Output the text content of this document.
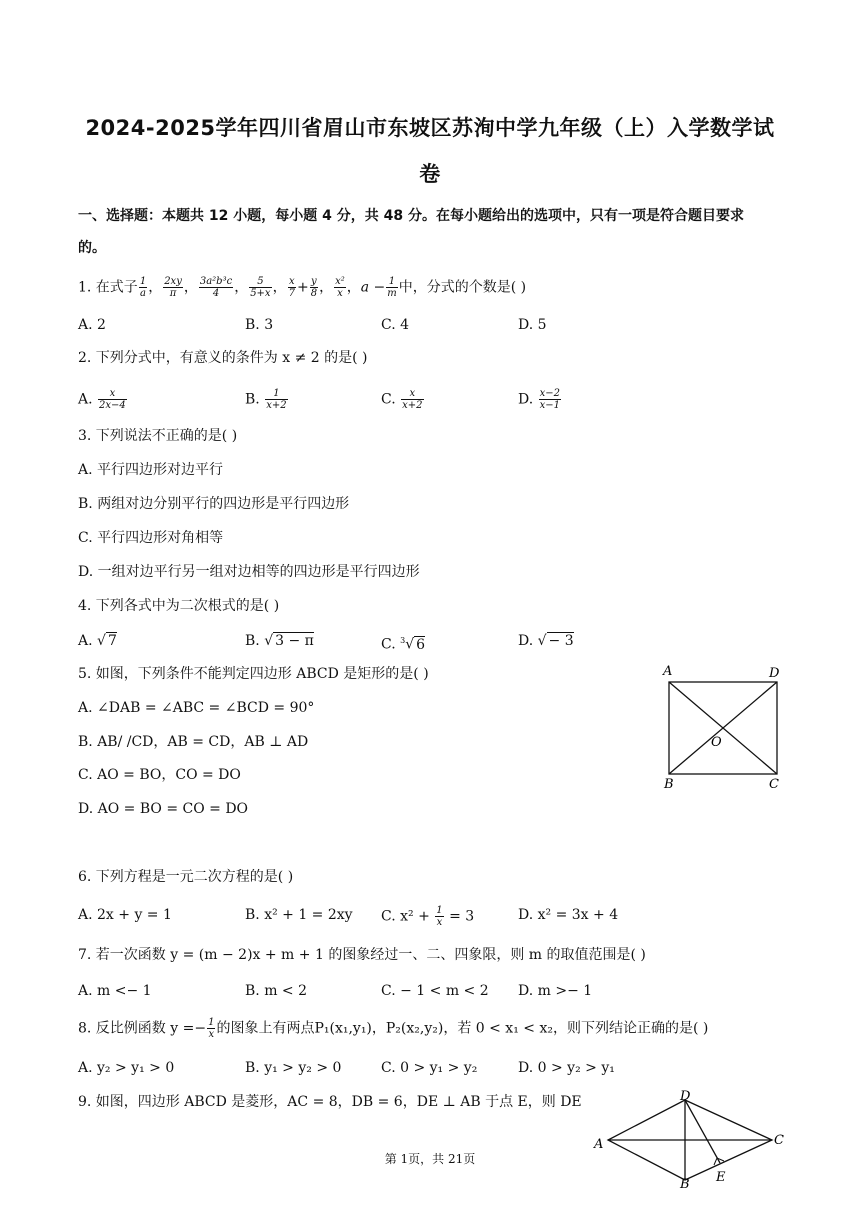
2024-2025学年四川省眉山市东坡区苏洵中学九年级（上）入学数学试
卷
一、选择题：本题共 12 小题，每小题 4 分，共 48 分。在每小题给出的选项中，只有一项是符合题目要求
的。
1. 在式子 $\frac{1}{a}$ ， $\frac{2xy}{\pi}$ ， $\frac{\text{3a²b³c}}{4}$ ， $\frac{5}{5+x}$ ， $\frac{x}{7} + \frac{y}{8}$ ， $\frac{\text{x²}}{x}$ ，$a - \frac{1}{m}$ 中，分式的个数是( )
A. 2	B. 3	C. 4	D. 5
2. 下列分式中，有意义的条件为 x ≠ 2 的是( )
A. $\frac{x}{2x-4}$	B. $\frac{1}{x+2}$	C. $\frac{x}{x+2}$	D. $\frac{x-2}{x-1}$
3. 下列说法不正确的是( )
A. 平行四边形对边平行
B. 两组对边分别平行的四边形是平行四边形
C. 平行四边形对角相等
D. 一组对边平行另一组对边相等的四边形是平行四边形
4. 下列各式中为二次根式的是( )
A. √ 7	B. √ 3 − π	C. $^3$√ 6	D. √ − 3
5. 如图，下列条件不能判定四边形 ABCD 是矩形的是( )
A. ∠DAB = ∠ABC = ∠BCD = 90°
B. AB/ /CD，AB = CD，AB ⊥ AD
C. AO = BO，CO = DO
D. AO = BO = CO = DO
A	D
O
B	C
6. 下列方程是一元二次方程的是( )
A. 2x + y = 1	B. x² + 1 = 2xy C. $x^2 + \frac{1}{x} = 3$	D. x² = 3x + 4
7. 若一次函数 y = (m − 2)x + m + 1 的图象经过一、二、四象限，则 m 的取值范围是( )
A. m <− 1	B. m < 2	C. − 1 < m < 2 D. m >− 1
8. 反比例函数 $y =- \frac{1}{x}$ 的图象上有两点P₁(x₁,y₁)，P₂(x₂,y₂)，若 0 < x₁ < x₂，则下列结论正确的是( )
A. y₂ > y₁ > 0	B. y₁ > y₂ > 0	C. 0 > y₁ > y₂	D. 0 > y₂ > y₁
9. 如图，四边形 ABCD 是菱形，AC = 8，DB = 6，DE ⊥ AB 于点 E，则 DE	D
A	C
E
B
第 1页，共 21页
